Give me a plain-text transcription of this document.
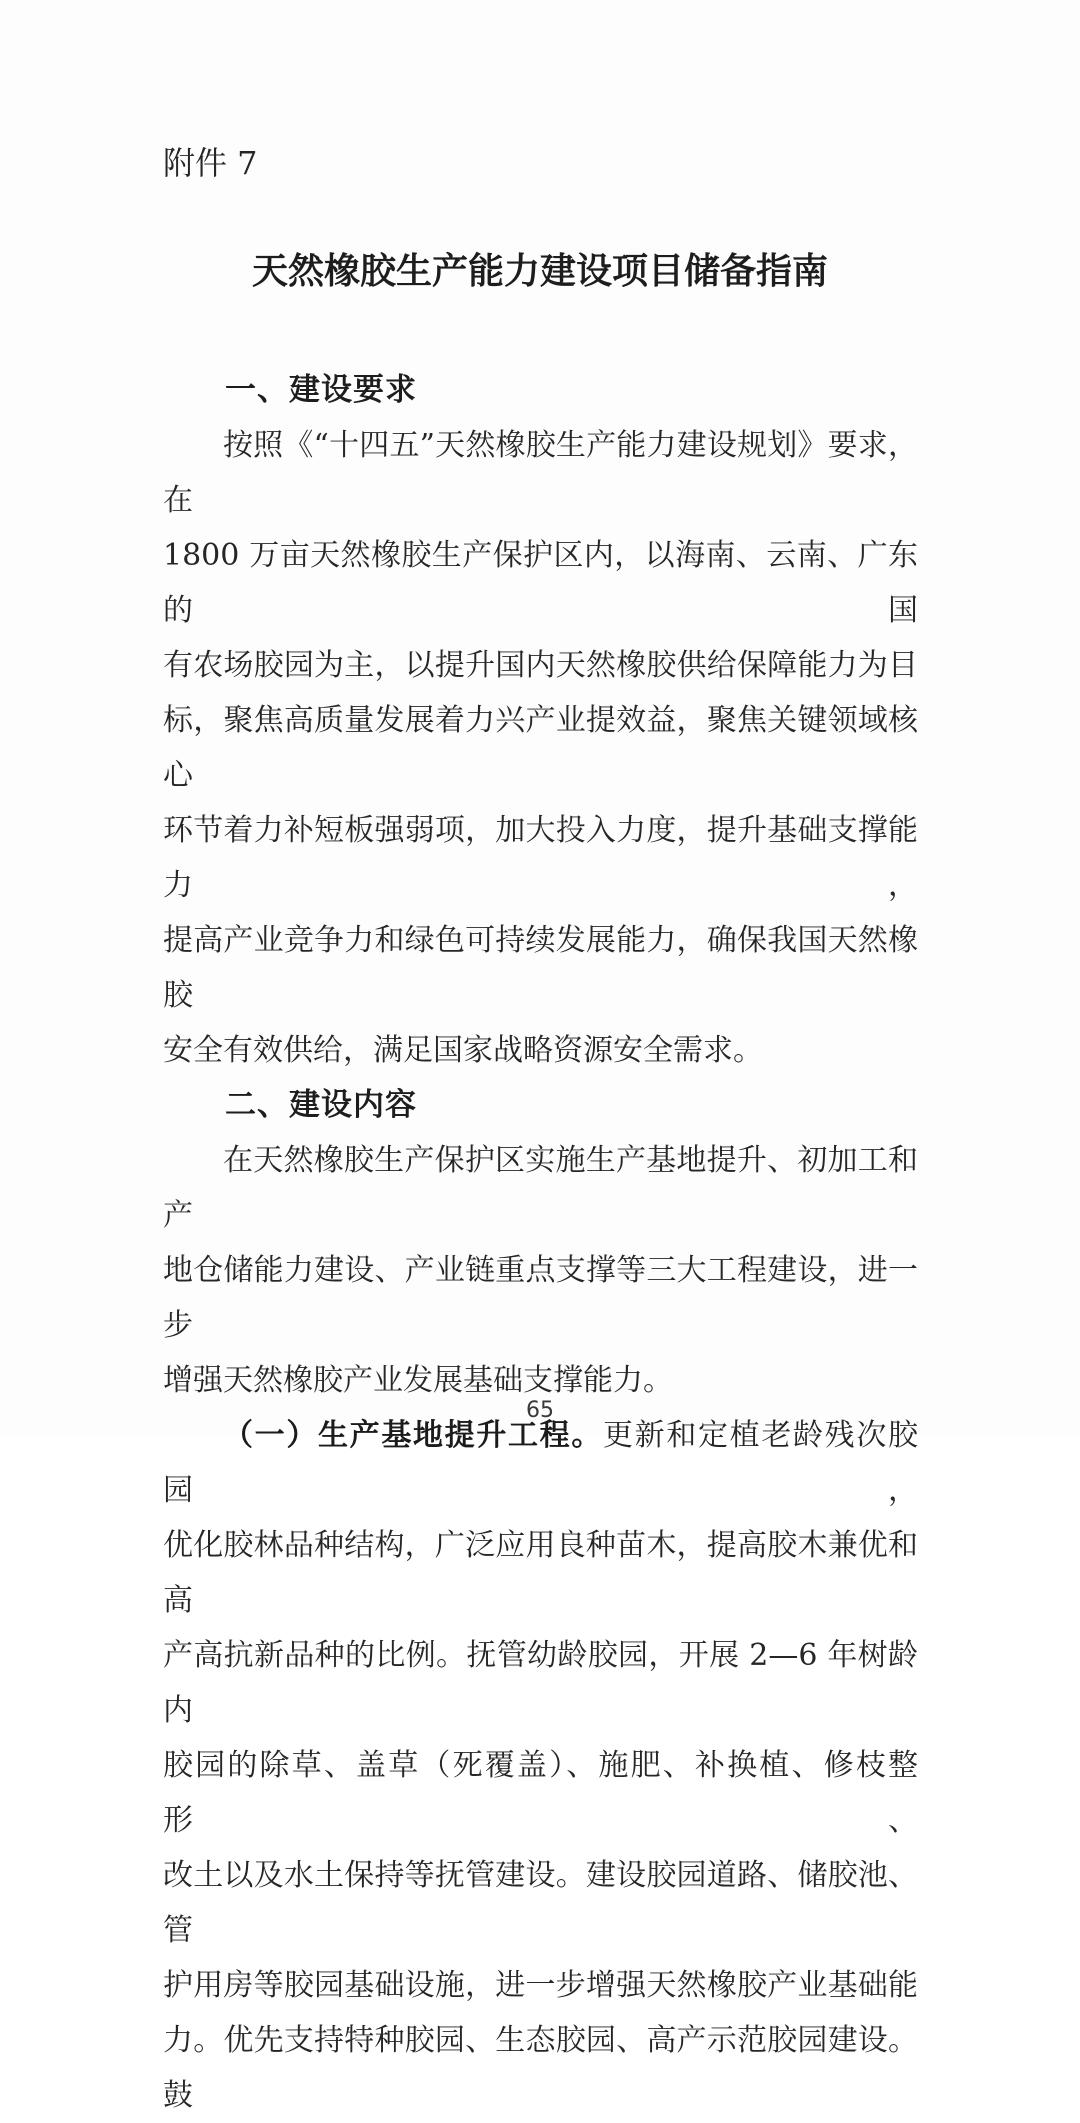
附件 7
天然橡胶生产能力建设项目储备指南
一、建设要求
按照《“十四五”天然橡胶生产能力建设规划》要求，在
1800 万亩天然橡胶生产保护区内，以海南、云南、广东的国
有农场胶园为主，以提升国内天然橡胶供给保障能力为目
标，聚焦高质量发展着力兴产业提效益，聚焦关键领域核心
环节着力补短板强弱项，加大投入力度，提升基础支撑能力，
提高产业竞争力和绿色可持续发展能力，确保我国天然橡胶
安全有效供给，满足国家战略资源安全需求。
二、建设内容
在天然橡胶生产保护区实施生产基地提升、初加工和产
地仓储能力建设、产业链重点支撑等三大工程建设，进一步
增强天然橡胶产业发展基础支撑能力。
（一）生产基地提升工程。更新和定植老龄残次胶园，
优化胶林品种结构，广泛应用良种苗木，提高胶木兼优和高
产高抗新品种的比例。抚管幼龄胶园，开展 2—6 年树龄内
胶园的除草、盖草（死覆盖）、施肥、补换植、修枝整形、
改土以及水土保持等抚管建设。建设胶园道路、储胶池、管
护用房等胶园基础设施，进一步增强天然橡胶产业基础能
力。优先支持特种胶园、生态胶园、高产示范胶园建设。鼓
65
